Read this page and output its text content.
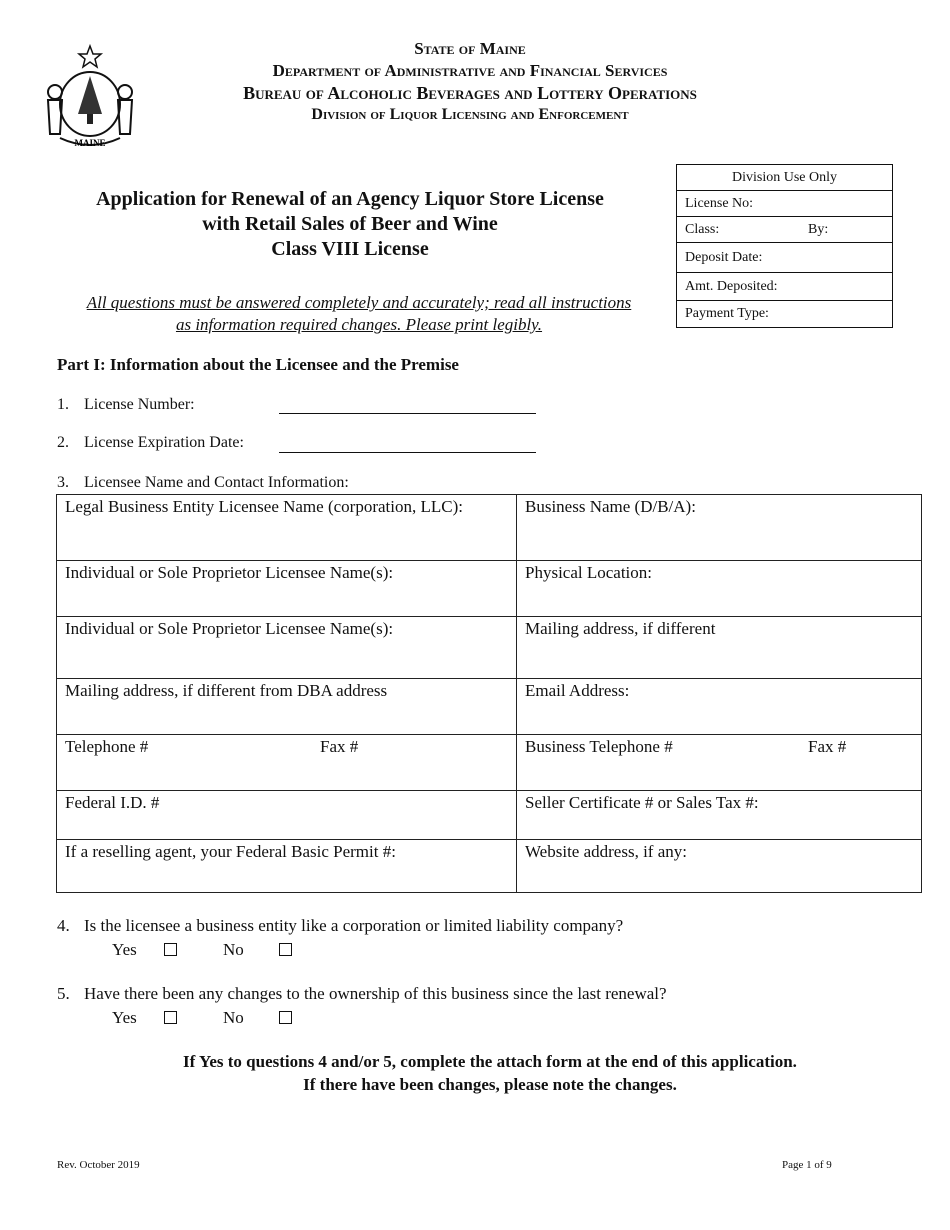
MAINE
State of Maine
Department of Administrative and Financial Services
Bureau of Alcoholic Beverages and Lottery Operations
Division of Liquor Licensing and Enforcement
Application for Renewal of an Agency Liquor Store License
with Retail Sales of Beer and Wine
Class VIII License
All questions must be answered completely and accurately; read all instructions
as information required changes. Please print legibly.
Division Use Only
License No:
Class:	By:
Deposit Date:
Amt. Deposited:
Payment Type:
Part I: Information about the Licensee and the Premise
1. License Number:
2. License Expiration Date:
3. Licensee Name and Contact Information:
Legal Business Entity Licensee Name (corporation, LLC):	Business Name (D/B/A):
Individual or Sole Proprietor Licensee Name(s):	Physical Location:
Individual or Sole Proprietor Licensee Name(s):	Mailing address, if different
Mailing address, if different from DBA address	Email Address:

Telephone # Fax #	Business Telephone # Fax #

Federal I.D. #	Seller Certificate # or Sales Tax #:
If a reselling agent, your Federal Basic Permit #:	Website address, if any:
4. Is the licensee a business entity like a corporation or limited liability company?
Yes	No
5. Have there been any changes to the ownership of this business since the last renewal?
Yes	No
If Yes to questions 4 and/or 5, complete the attach form at the end of this application.
If there have been changes, please note the changes.
Rev. October 2019	Page 1 of 9
